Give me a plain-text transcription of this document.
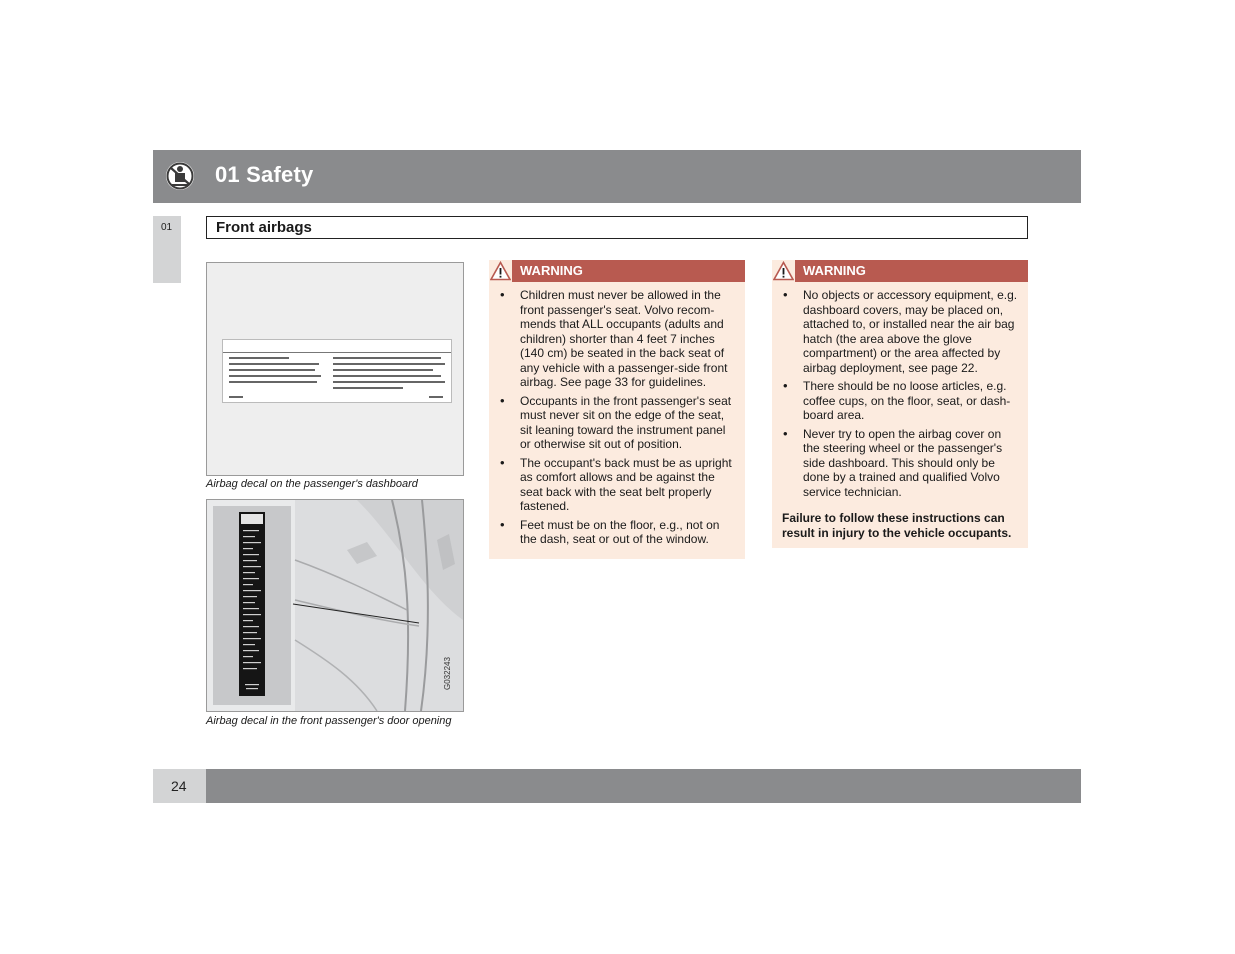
01 Safety
01	Front airbags
Airbag decal on the passenger's dashboard
G032243
Airbag decal in the front passenger's door opening
WARNING
• Children must never be allowed in the front passenger's seat. Volvo recom-mends that ALL occupants (adults and children) shorter than 4 feet 7 inches (140 cm) be seated in the back seat of any vehicle with a passenger-side front airbag. See page 33 for guidelines.
• Occupants in the front passenger's seat must never sit on the edge of the seat, sit leaning toward the instrument panel or otherwise sit out of position.
• The occupant's back must be as upright as comfort allows and be against the seat back with the seat belt properly fastened.
• Feet must be on the floor, e.g., not on the dash, seat or out of the window.
WARNING
• No objects or accessory equipment, e.g. dashboard covers, may be placed on, attached to, or installed near the air bag hatch (the area above the glove compartment) or the area affected by airbag deployment, see page 22.
• There should be no loose articles, e.g. coffee cups, on the floor, seat, or dash-board area.
• Never try to open the airbag cover on the steering wheel or the passenger's side dashboard. This should only be done by a trained and qualified Volvo service technician.
Failure to follow these instructions can result in injury to the vehicle occupants.
24
